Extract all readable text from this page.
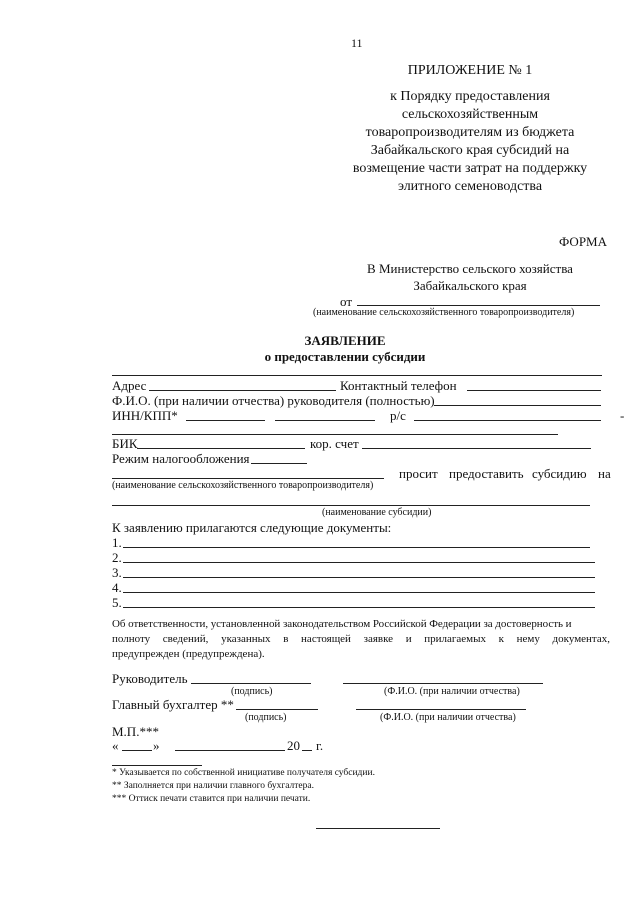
11
ПРИЛОЖЕНИЕ № 1
к Порядку предоставления
сельскохозяйственным
товаропроизводителям из бюджета
Забайкальского края субсидий на
возмещение части затрат на поддержку
элитного семеноводства
ФОРМА
В Министерство сельского хозяйства
Забайкальского края
от
(наименование сельскохозяйственного товаропроизводителя)
ЗАЯВЛЕНИЕ
о предоставлении субсидии
Адрес	Контактный телефон
Ф.И.О. (при наличии отчества) руководителя (полностью)
ИНН/КПП*	р/с	-
БИК	кор. счет
Режим налогообложения
просит предоставить субсидию на
(наименование сельскохозяйственного товаропроизводителя)
(наименование субсидии)
К заявлению прилагаются следующие документы:
1.
2.
3.
4.
5.
Об ответственности, установленной законодательством Российской Федерации за достоверность и
полноту сведений, указанных в настоящей заявке и прилагаемых к нему документах,
предупрежден (предупреждена).
Руководитель
(подпись)	(Ф.И.О. (при наличии отчества)
Главный бухгалтер **
(подпись)	(Ф.И.О. (при наличии отчества)
М.П.***
«	»	20 г.
* Указывается по собственной инициативе получателя субсидии.
** Заполняется при наличии главного бухгалтера.
*** Оттиск печати ставится при наличии печати.
